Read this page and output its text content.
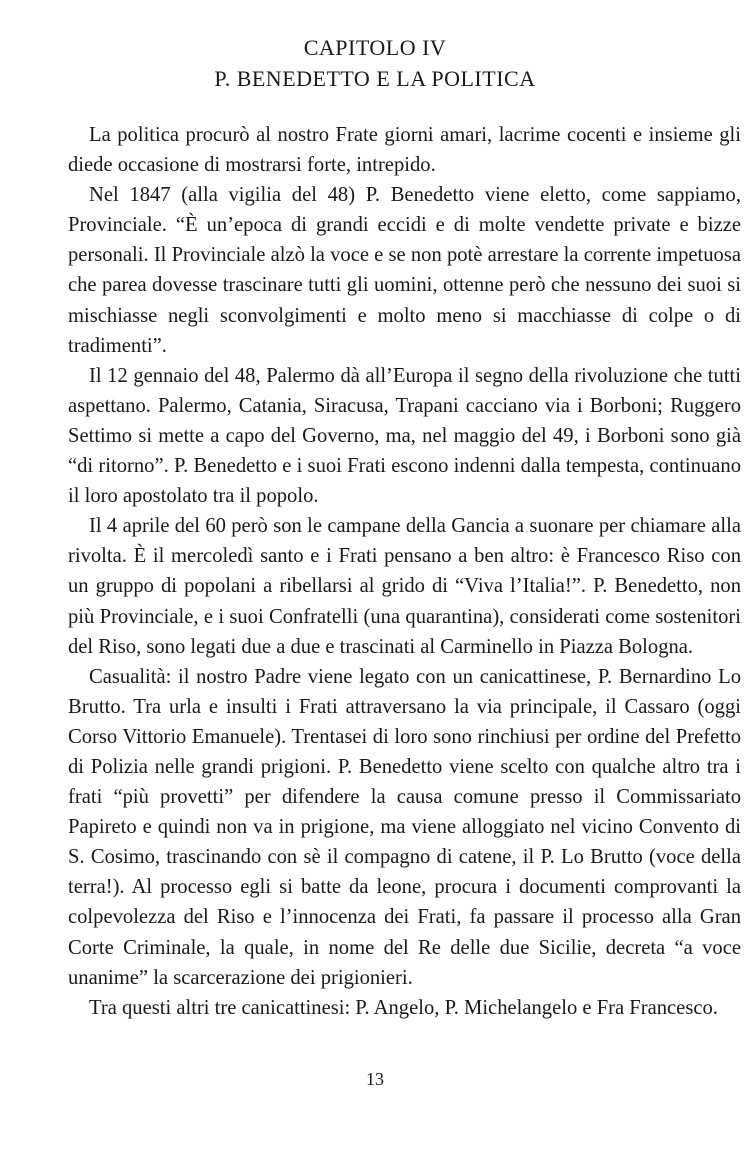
CAPITOLO IV
P. BENEDETTO E LA POLITICA

La politica procurò al nostro Frate giorni amari, lacrime cocenti e insieme gli diede occasione di mostrarsi forte, intrepido.

Nel 1847 (alla vigilia del 48) P. Benedetto viene eletto, come sappiamo, Provinciale. “È un’epoca di grandi eccidi e di molte vendette private e bizze personali. Il Provinciale alzò la voce e se non potè arrestare la corrente impetuosa che parea dovesse trascinare tutti gli uomini, ottenne però che nessuno dei suoi si mischiasse negli sconvolgimenti e molto meno si macchiasse di colpe o di tradimenti”.

Il 12 gennaio del 48, Palermo dà all’Europa il segno della rivoluzione che tutti aspettano. Palermo, Catania, Siracusa, Trapani cacciano via i Borboni; Ruggero Settimo si mette a capo del Governo, ma, nel maggio del 49, i Borboni sono già “di ritorno”. P. Benedetto e i suoi Frati escono indenni dalla tempesta, continuano il loro apostolato tra il popolo.

Il 4 aprile del 60 però son le campane della Gancia a suonare per chiamare alla rivolta. È il mercoledì santo e i Frati pensano a ben altro: è Francesco Riso con un gruppo di popolani a ribellarsi al grido di “Viva l’Italia!”. P. Benedetto, non più Provinciale, e i suoi Confratelli (una quarantina), considerati come sostenitori del Riso, sono legati due a due e trascinati al Carminello in Piazza Bologna.

Casualità: il nostro Padre viene legato con un canicattinese, P. Bernardino Lo Brutto. Tra urla e insulti i Frati attraversano la via principale, il Cassaro (oggi Corso Vittorio Emanuele). Trentasei di loro sono rinchiusi per ordine del Prefetto di Polizia nelle grandi prigioni. P. Benedetto viene scelto con qualche altro tra i frati “più provetti” per difendere la causa comune presso il Commissariato Papireto e quindi non va in prigione, ma viene alloggiato nel vicino Convento di S. Cosimo, trascinando con sè il compagno di catene, il P. Lo Brutto (voce della terra!). Al processo egli si batte da leone, procura i documenti comprovanti la colpevolezza del Riso e l’innocenza dei Frati, fa passare il processo alla Gran Corte Criminale, la quale, in nome del Re delle due Sicilie, decreta “a voce unanime” la scarcerazione dei prigionieri.

Tra questi altri tre canicattinesi: P. Angelo, P. Michelangelo e Fra Francesco.

13
